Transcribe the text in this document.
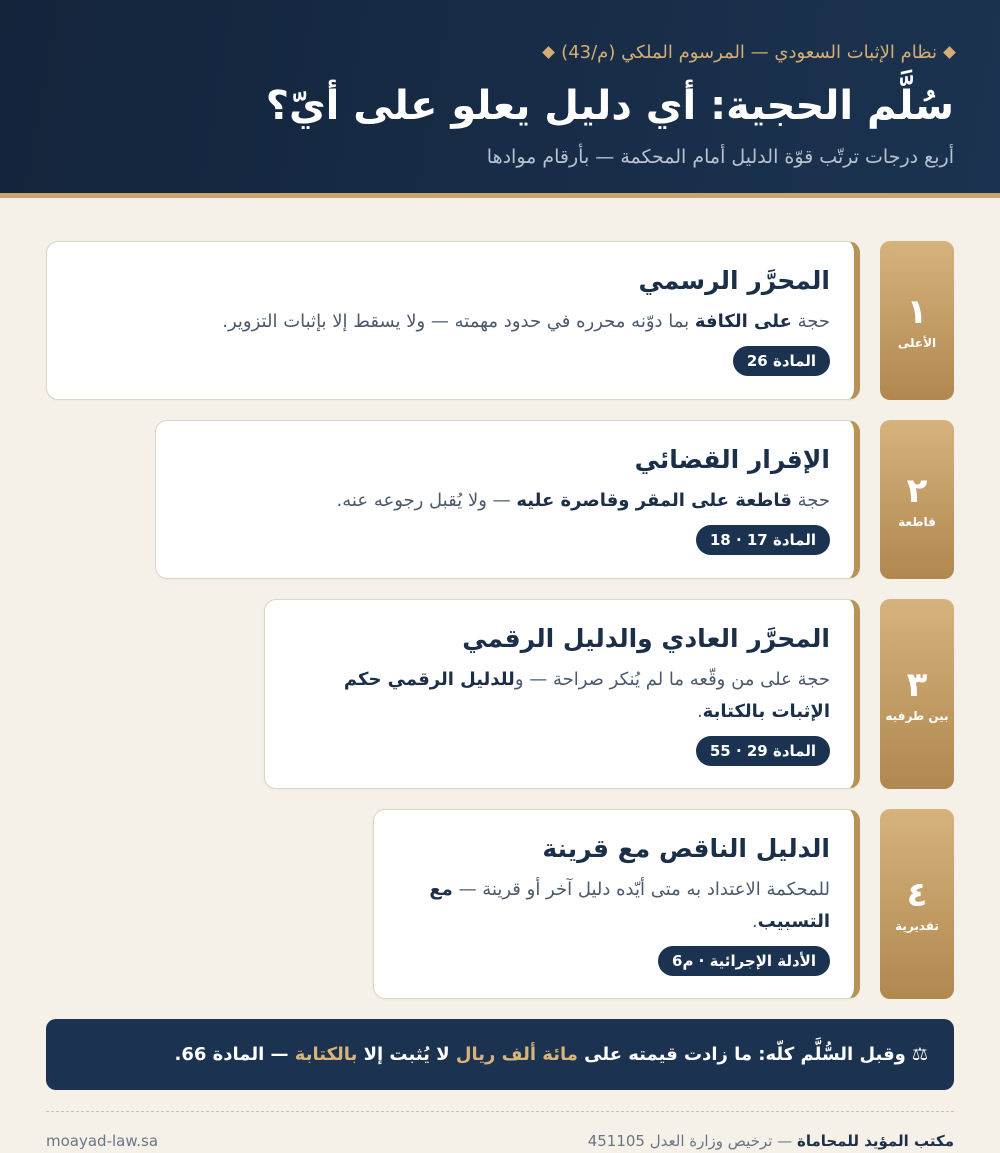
نظام الإثبات السعودي — المرسوم الملكي (م/43)
سُلَّم الحجية: أي دليل يعلو على أيّ؟
أربع درجات ترتّب قوّة الدليل أمام المحكمة — بأرقام موادها
١
الأعلى
المحرَّر الرسمي
حجة على الكافة بما دوّنه محرره في حدود مهمته — ولا يسقط إلا بإثبات التزوير.
المادة 26
٢
قاطعة
الإقرار القضائي
حجة قاطعة على المقر وقاصرة عليه — ولا يُقبل رجوعه عنه.
المادة 17 · 18
٣
بين طرفيه
المحرَّر العادي والدليل الرقمي
حجة على من وقّعه ما لم يُنكر صراحة — وللدليل الرقمي حكم الإثبات بالكتابة.
المادة 29 · 55
٤
تقديرية
الدليل الناقص مع قرينة
للمحكمة الاعتداد به متى أيّده دليل آخر أو قرينة — مع التسبيب.
الأدلة الإجرائية · م6
⚖
وقبل السُّلَّم كلّه: ما زادت قيمته على مائة ألف ريال لا يُثبت إلا بالكتابة — المادة 66.
مكتب المؤيد للمحاماة — ترخيص وزارة العدل 451105
moayad-law.sa
